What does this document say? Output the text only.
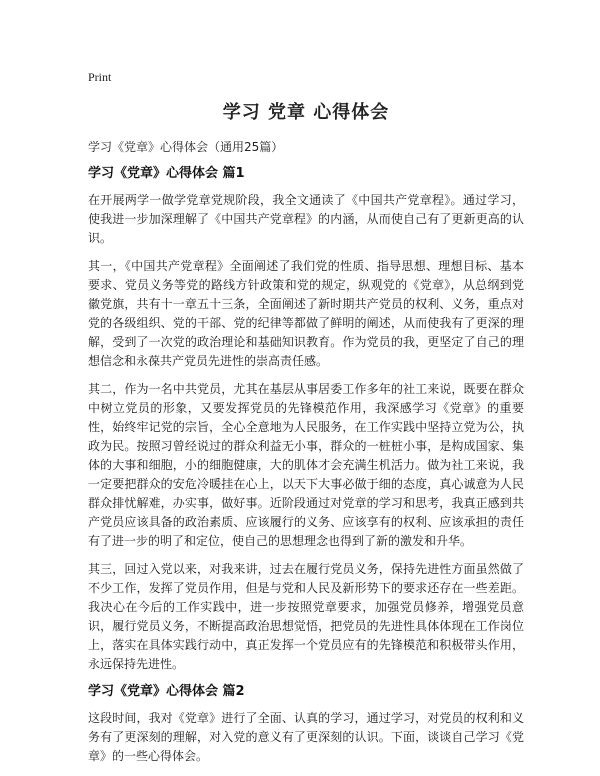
Print
学习 党章 心得体会
学习《党章》心得体会（通用25篇）
学习《党章》心得体会 篇1

在开展两学一做学党章党规阶段，我全文通读了《中国共产党章程》。通过学习，使我进一步加深理解了《中国共产党章程》的内涵，从而使自己有了更新更高的认识。

其一，《中国共产党章程》全面阐述了我们党的性质、指导思想、理想目标、基本要求、党员义务等党的路线方针政策和党的规定，纵观党的《党章》，从总纲到党徽党旗，共有十一章五十三条，全面阐述了新时期共产党员的权利、义务，重点对党的各级组织、党的干部、党的纪律等都做了鲜明的阐述，从而使我有了更深的理解，受到了一次党的政治理论和基础知识教育。作为党员的我，更坚定了自己的理想信念和永葆共产党员先进性的崇高责任感。

其二，作为一名中共党员，尤其在基层从事居委工作多年的社工来说，既要在群众中树立党员的形象，又要发挥党员的先锋模范作用，我深感学习《党章》的重要性，始终牢记党的宗旨，全心全意地为人民服务，在工作实践中坚持立党为公，执政为民。按照习曾经说过的群众利益无小事，群众的一桩桩小事，是构成国家、集体的大事和细胞，小的细胞健康，大的肌体才会充满生机活力。做为社工来说，我一定要把群众的安危冷暖挂在心上，以天下大事必做于细的态度，真心诚意为人民群众排忧解难，办实事，做好事。近阶段通过对党章的学习和思考，我真正感到共产党员应该具备的政治素质、应该履行的义务、应该享有的权利、应该承担的责任有了进一步的明了和定位，使自己的思想理念也得到了新的激发和升华。

其三，回过入党以来，对我来讲，过去在履行党员义务，保持先进性方面虽然做了不少工作，发挥了党员作用，但是与党和人民及新形势下的要求还存在一些差距。我决心在今后的工作实践中，进一步按照党章要求，加强党员修养，增强党员意识，履行党员义务，不断提高政治思想觉悟，把党员的先进性具体体现在工作岗位上，落实在具体实践行动中，真正发挥一个党员应有的先锋模范和积极带头作用，永远保持先进性。

学习《党章》心得体会 篇2

这段时间，我对《党章》进行了全面、认真的学习，通过学习，对党员的权利和义务有了更深刻的理解，对入党的意义有了更深刻的认识。下面，谈谈自己学习《党章》的一些心得体会。
